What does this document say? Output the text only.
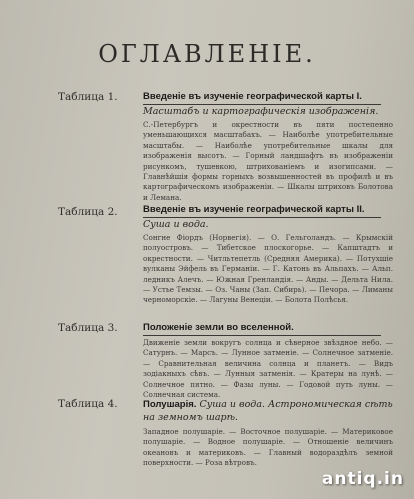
ОГЛАВЛЕНІЕ.
Таблица 1.	Введеніе въ изученіе географической карты I.
Масштабъ и картографическія изображенія.
С.-Петербургъ и окрестности въ пяти постепенно уменьшающихся масштабахъ. — Наиболѣе употребительные масштабы. — Наиболѣе употребительные шкалы для изображенія высотъ. — Горный ландшафтъ въ изображеніи рисункомъ, тушевкою, штрихованіемъ и изогипсами. — Главнѣйшія формы горныхъ возвышенностей въ профилѣ и въ картографическомъ изображеніи. — Шкалы штриховъ Болотова и Лемана.
Таблица 2.	Введеніе въ изученіе географической карты II.
Суша и вода.
Сонгне Фіордъ (Норвегія). — О. Гельголандъ. — Крымскій полуостровъ. — Тибетское плоскогорье. — Капштадтъ и окрестности. — Читльтепетль (Средняя Америка). — Потухшіе вулканы Эйфель въ Германіи. — Г. Катонь въ Альпахъ. — Альп. ледникъ Алечъ. — Южная Гренландія. — Анды. — Дельта Нила. — Устье Темзы. — Оз. Чаны (Зап. Сибирь). — Печора. — Лиманы черноморскіе. — Лагуны Венеціи. — Болота Полѣсья.
Таблица 3.	Положеніе земли во вселенной.
Движеніе земли вокругъ солнца и сѣверное звѣздное небо. — Сатурнъ. — Марсъ. — Лунное затменіе. — Солнечное затменіе. — Сравнительная величина солнца и планетъ. — Видъ зодіакныхъ сѣвъ. — Лунныя затменія. — Кратеры на лунѣ. — Солнечное пятно. — Фазы луны. — Годовой путь луны. — Солнечная система.
Таблица 4.	Полушарія. Суша и вода. Астрономическая сѣть на земномъ шарѣ.
Западное полушаріе. — Восточное полушаріе. — Материковое полушаріе. — Водное полушаріе. — Отношеніе величинъ океановъ и материковъ. — Главный водораздѣлъ земной поверхности. — Роза вѣтровъ.
antiq.in
